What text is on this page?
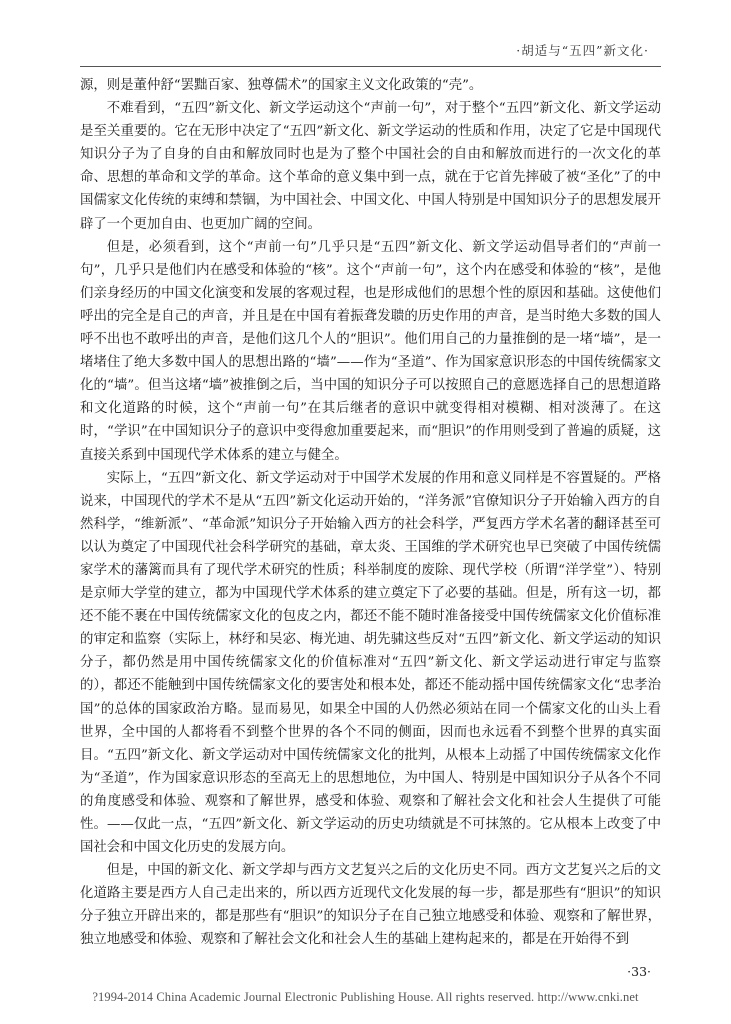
·胡适与“五四”新文化·

源，则是董仲舒“罢黜百家、独尊儒术”的国家主义文化政策的“壳”。

不难看到，“五四”新文化、新文学运动这个“声前一句”，对于整个“五四”新文化、新文学运动是至关重要的。它在无形中决定了“五四”新文化、新文学运动的性质和作用，决定了它是中国现代知识分子为了自身的自由和解放同时也是为了整个中国社会的自由和解放而进行的一次文化的革命、思想的革命和文学的革命。这个革命的意义集中到一点，就在于它首先摔破了被“圣化”了的中国儒家文化传统的束缚和禁锢，为中国社会、中国文化、中国人特别是中国知识分子的思想发展开辟了一个更加自由、也更加广阔的空间。

但是，必须看到，这个“声前一句”几乎只是“五四”新文化、新文学运动倡导者们的“声前一句”，几乎只是他们内在感受和体验的“核”。这个“声前一句”，这个内在感受和体验的“核”，是他们亲身经历的中国文化演变和发展的客观过程，也是形成他们的思想个性的原因和基础。这使他们呼出的完全是自己的声音，并且是在中国有着振聋发聩的历史作用的声音，是当时绝大多数的国人呼不出也不敢呼出的声音，是他们这几个人的“胆识”。他们用自己的力量推倒的是一堵“墙”，是一堵堵住了绝大多数中国人的思想出路的“墙”——作为“圣道”、作为国家意识形态的中国传统儒家文化的“墙”。但当这堵“墙”被推倒之后，当中国的知识分子可以按照自己的意愿选择自己的思想道路和文化道路的时候，这个“声前一句”在其后继者的意识中就变得相对模糊、相对淡薄了。在这时，“学识”在中国知识分子的意识中变得愈加重要起来，而“胆识”的作用则受到了普遍的质疑，这直接关系到中国现代学术体系的建立与健全。

实际上，“五四”新文化、新文学运动对于中国学术发展的作用和意义同样是不容置疑的。严格说来，中国现代的学术不是从“五四”新文化运动开始的，“洋务派”官僚知识分子开始输入西方的自然科学，“维新派”、“革命派”知识分子开始输入西方的社会科学，严复西方学术名著的翻译甚至可以认为奠定了中国现代社会科学研究的基础，章太炎、王国维的学术研究也早已突破了中国传统儒家学术的藩篱而具有了现代学术研究的性质；科举制度的废除、现代学校（所谓“洋学堂”）、特别是京师大学堂的建立，都为中国现代学术体系的建立奠定下了必要的基础。但是，所有这一切，都还不能不裹在中国传统儒家文化的包皮之内，都还不能不随时准备接受中国传统儒家文化价值标准的审定和监察（实际上，林纾和吴宓、梅光迪、胡先骕这些反对“五四”新文化、新文学运动的知识分子，都仍然是用中国传统儒家文化的价值标准对“五四”新文化、新文学运动进行审定与监察的），都还不能触到中国传统儒家文化的要害处和根本处，都还不能动摇中国传统儒家文化“忠孝治国”的总体的国家政治方略。显而易见，如果全中国的人仍然必须站在同一个儒家文化的山头上看世界，全中国的人都将看不到整个世界的各个不同的侧面，因而也永远看不到整个世界的真实面目。“五四”新文化、新文学运动对中国传统儒家文化的批判，从根本上动摇了中国传统儒家文化作为“圣道”，作为国家意识形态的至高无上的思想地位，为中国人、特别是中国知识分子从各个不同的角度感受和体验、观察和了解世界，感受和体验、观察和了解社会文化和社会人生提供了可能性。——仅此一点，“五四”新文化、新文学运动的历史功绩就是不可抹煞的。它从根本上改变了中国社会和中国文化历史的发展方向。

但是，中国的新文化、新文学却与西方文艺复兴之后的文化历史不同。西方文艺复兴之后的文化道路主要是西方人自己走出来的，所以西方近现代文化发展的每一步，都是那些有“胆识”的知识分子独立开辟出来的，都是那些有“胆识”的知识分子在自己独立地感受和体验、观察和了解世界，独立地感受和体验、观察和了解社会文化和社会人生的基础上建构起来的，都是在开始得不到

·33·
?1994-2014 China Academic Journal Electronic Publishing House. All rights reserved. http://www.cnki.net
